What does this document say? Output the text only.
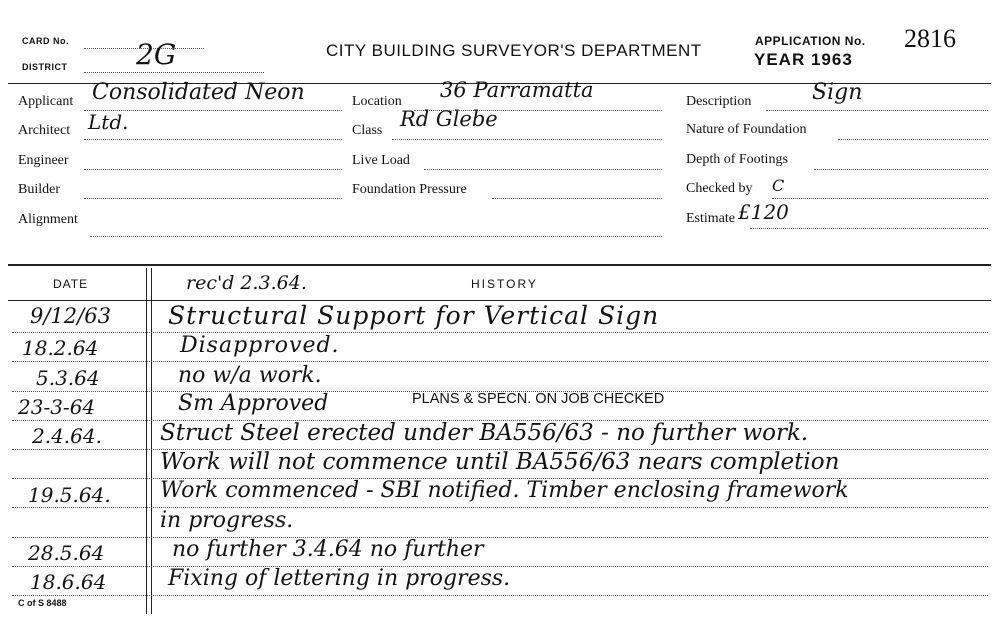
CARD No.
DISTRICT 2G	CITY BUILDING SURVEYOR'S DEPARTMENT	APPLICATION No. 2816
YEAR 1963
Applicant Consolidated Neon
Architect Ltd.
Engineer
Builder
Alignment
Location 36 Parramatta
Class Rd Glebe
Live Load
Foundation Pressure
Description	Sign
Nature of Foundation
Depth of Footings
Checked by C
Estimate £120
DATE	HISTORY
rec'd 2.3.64.
9/12/63 Structural Support for Vertical Sign
18.2.64	Disapproved.
5.3.64	no w/a work.
23-3-64	Sm Approved	PLANS & SPECN. ON JOB CHECKED
2.4.64.	Struct Steel erected under BA556/63 - no further work.
Work will not commence until BA556/63 nears completion
19.5.64. Work commenced - SBI notified. Timber enclosing framework
in progress.
28.5.64	no further 3.4.64 no further
18.6.64	Fixing of lettering in progress.
C of S 8488
